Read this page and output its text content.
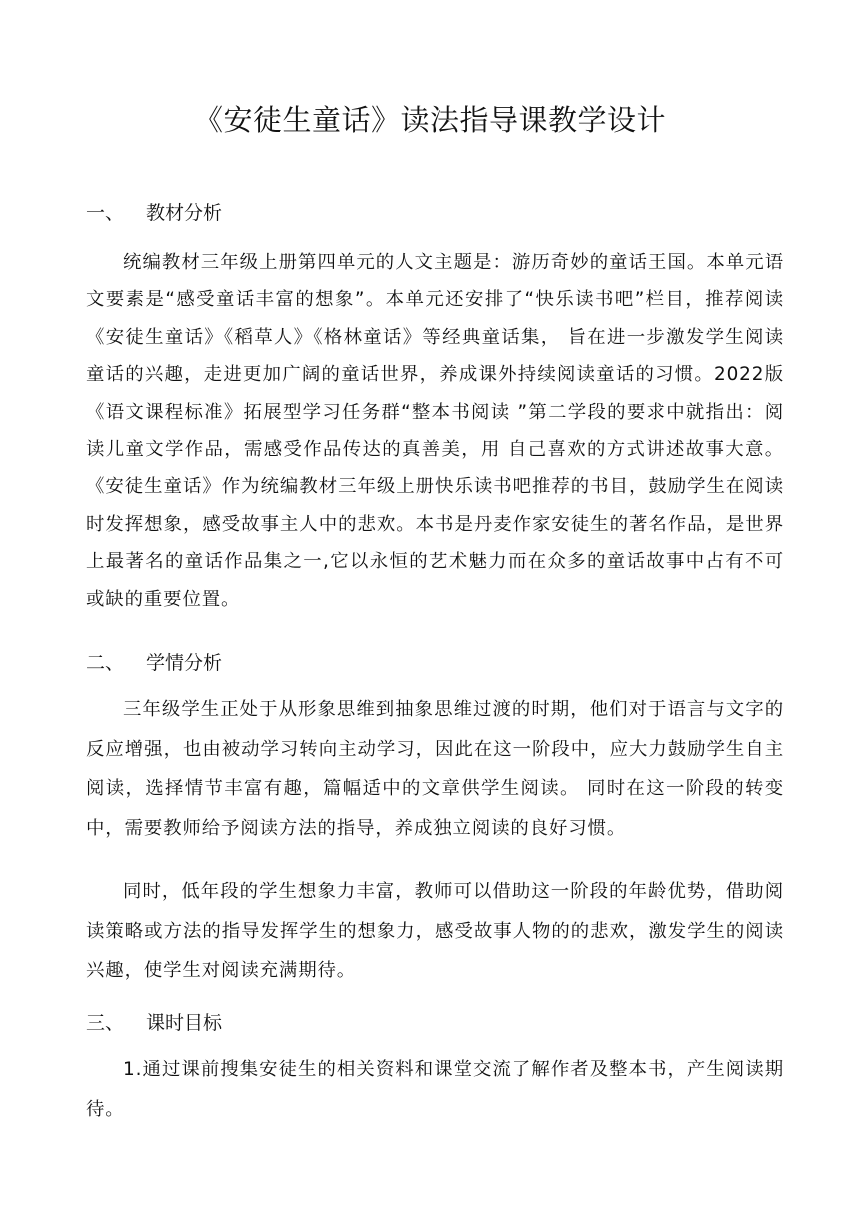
《安徒生童话》读法指导课教学设计
一、 教材分析

统编教材三年级上册第四单元的人文主题是：游历奇妙的童话王国。本单元语文要素是“感受童话丰富的想象”。本单元还安排了“快乐读书吧”栏目，推荐阅读《安徒生童话》《稻草人》《格林童话》等经典童话集， 旨在进一步激发学生阅读童话的兴趣，走进更加广阔的童话世界，养成课外持续阅读童话的习惯。2022版《语文课程标准》拓展型学习任务群“整本书阅读 ”第二学段的要求中就指出：阅读儿童文学作品，需感受作品传达的真善美，用 自己喜欢的方式讲述故事大意。《安徒生童话》作为统编教材三年级上册快乐读书吧推荐的书目，鼓励学生在阅读时发挥想象，感受故事主人中的悲欢。本书是丹麦作家安徒生的著名作品，是世界上最著名的童话作品集之一,它以永恒的艺术魅力而在众多的童话故事中占有不可或缺的重要位置。

二、 学情分析

三年级学生正处于从形象思维到抽象思维过渡的时期，他们对于语言与文字的反应增强，也由被动学习转向主动学习，因此在这一阶段中，应大力鼓励学生自主阅读，选择情节丰富有趣，篇幅适中的文章供学生阅读。 同时在这一阶段的转变中，需要教师给予阅读方法的指导，养成独立阅读的良好习惯。

同时，低年段的学生想象力丰富，教师可以借助这一阶段的年龄优势，借助阅读策略或方法的指导发挥学生的想象力，感受故事人物的的悲欢，激发学生的阅读兴趣，使学生对阅读充满期待。

三、 课时目标

1.通过课前搜集安徒生的相关资料和课堂交流了解作者及整本书，产生阅读期待。
